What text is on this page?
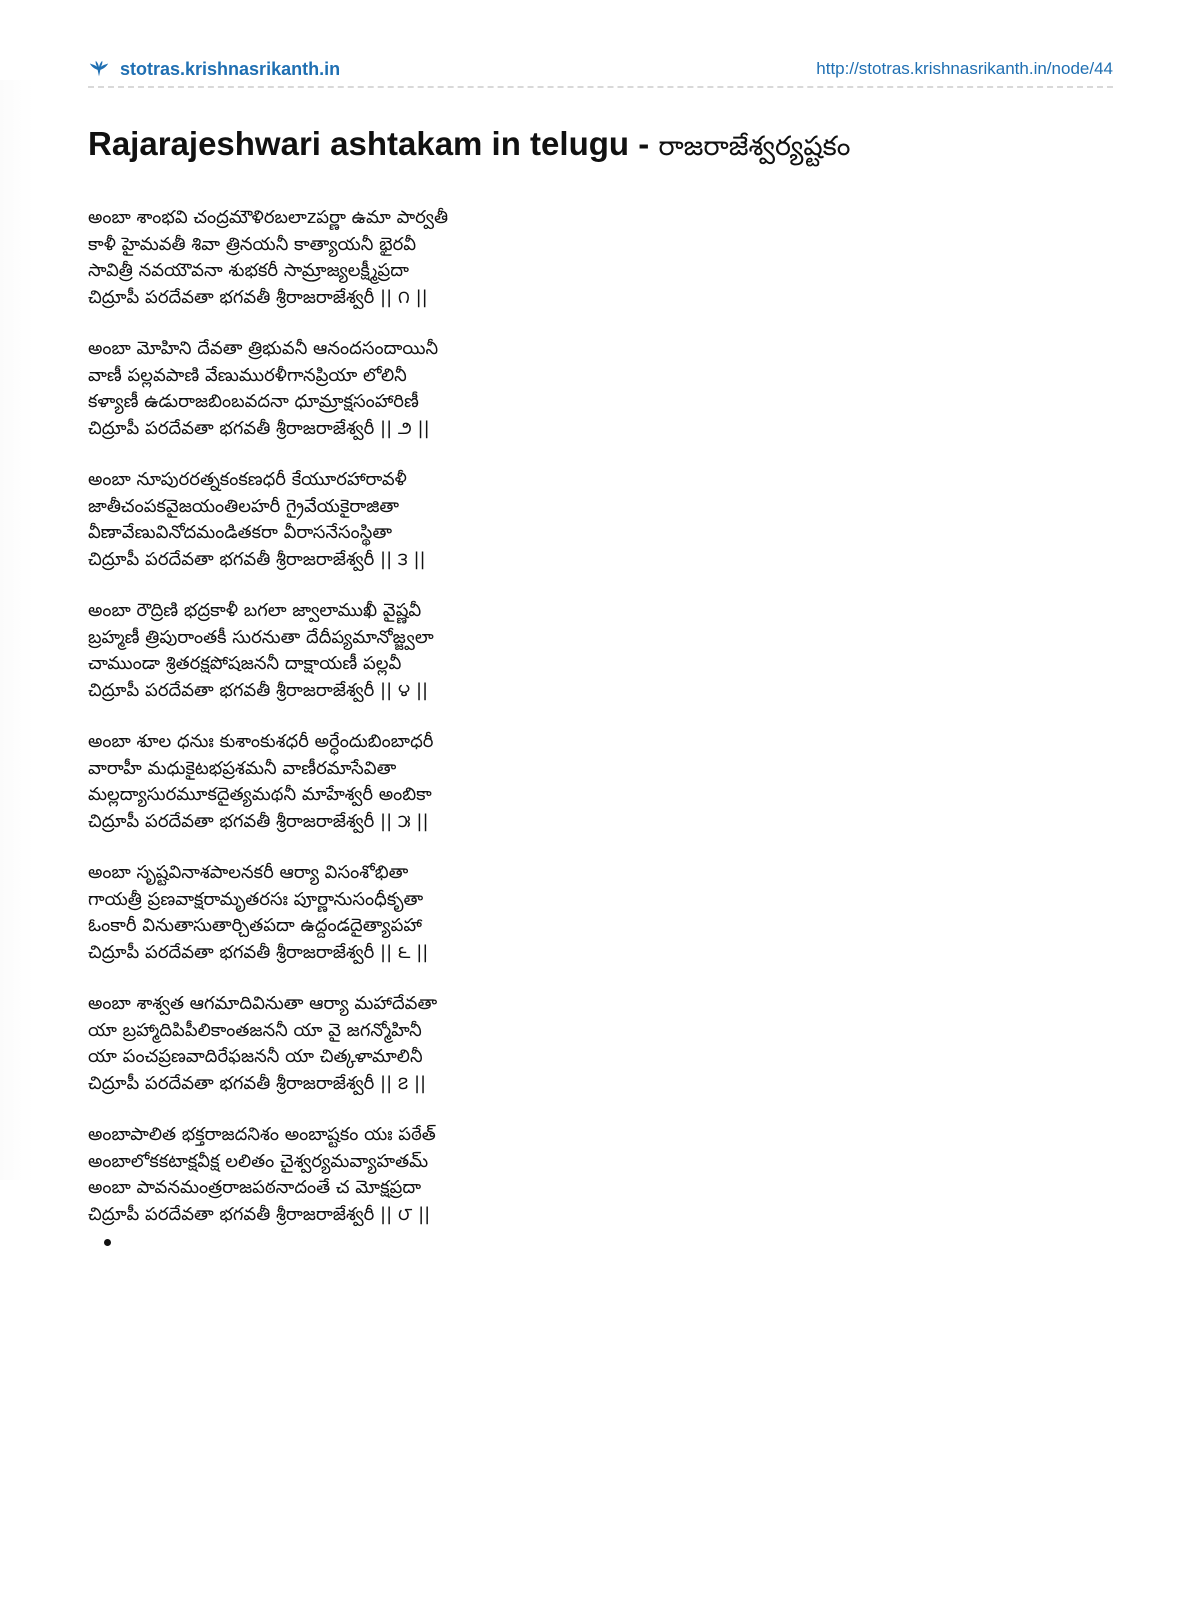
stotras.krishnasrikanth.in	http://stotras.krishnasrikanth.in/node/44
Rajarajeshwari ashtakam in telugu - రాజరాజేశ్వర్యష్టకం
అంబా శాంభవి చంద్రమౌళిరబలాzపర్ణా ఉమా పార్వతీ
కాళీ హైమవతీ శివా త్రినయనీ కాత్యాయనీ భైరవీ
సావిత్రీ నవయౌవనా శుభకరీ సామ్రాజ్యలక్ష్మీప్రదా
చిద్రూపీ పరదేవతా భగవతీ శ్రీరాజరాజేశ్వరీ || ౧ ||
అంబా మోహిని దేవతా త్రిభువనీ ఆనందసందాయినీ
వాణీ పల్లవపాణి వేణుమురళీగానప్రియా లోలినీ
కళ్యాణీ ఉడురాజబింబవదనా ధూమ్రాక్షసంహారిణీ
చిద్రూపీ పరదేవతా భగవతీ శ్రీరాజరాజేశ్వరీ || ౨ ||
అంబా నూపురరత్నకంకణధరీ కేయూరహారావళీ
జాతీచంపకవైజయంతిలహరీ గ్రైవేయకైరాజితా
వీణావేణువినోదమండితకరా వీరాసనేసంస్థితా
చిద్రూపీ పరదేవతా భగవతీ శ్రీరాజరాజేశ్వరీ || ౩ ||
అంబా రౌద్రిణి భద్రకాళీ బగలా జ్వాలాముఖీ వైష్ణవీ
బ్రహ్మణీ త్రిపురాంతకీ సురనుతా దేదీప్యమానోజ్జ్వలా
చాముండా శ్రితరక్షపోషజననీ దాక్షాయణీ పల్లవీ
చిద్రూపీ పరదేవతా భగవతీ శ్రీరాజరాజేశ్వరీ || ౪ ||
అంబా శూల ధనుః కుశాంకుశధరీ అర్ధేందుబింబాధరీ
వారాహీ మధుకైటభప్రశమనీ వాణీరమాసేవితా
మల్లద్యాసురమూకదైత్యమథనీ మాహేశ్వరీ అంబికా
చిద్రూపీ పరదేవతా భగవతీ శ్రీరాజరాజేశ్వరీ || ౫ ||
అంబా సృష్టవినాశపాలనకరీ ఆర్యా విసంశోభితా
గాయత్రీ ప్రణవాక్షరామృతరసః పూర్ణానుసంధీకృతా
ఓంకారీ వినుతాసుతార్చితపదా ఉద్దండదైత్యాపహా
చిద్రూపీ పరదేవతా భగవతీ శ్రీరాజరాజేశ్వరీ || ౬ ||
అంబా శాశ్వత ఆగమాదివినుతా ఆర్యా మహాదేవతా
యా బ్రహ్మాదిపిపీలికాంతజననీ యా వై జగన్మోహినీ
యా పంచప్రణవాదిరేఫజననీ యా చిత్కళామాలినీ
చిద్రూపీ పరదేవతా భగవతీ శ్రీరాజరాజేశ్వరీ || ౭ ||
అంబాపాలిత భక్తరాజదనిశం అంబాష్టకం యః పఠేత్
అంబాలోకకటాక్షవీక్ష లలితం చైశ్వర్యమవ్యాహతమ్
అంబా పావనమంత్రరాజపఠనాదంతే చ మోక్షప్రదా
చిద్రూపీ పరదేవతా భగవతీ శ్రీరాజరాజేశ్వరీ || ౮ ||
